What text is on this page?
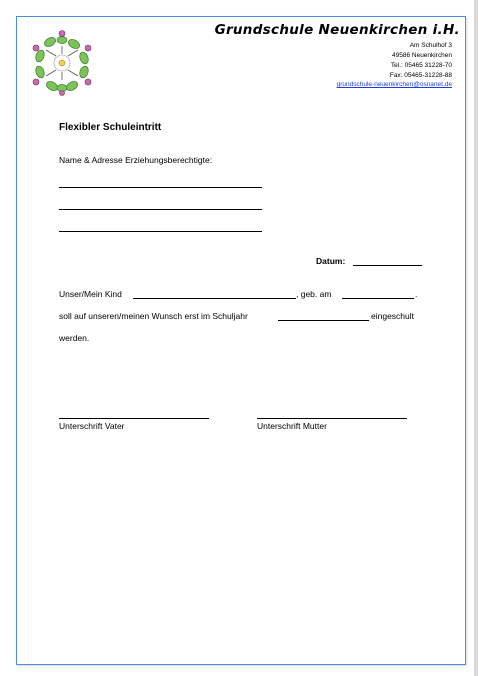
Grundschule Neuenkirchen i.H.
Am Schulhof 3
49586 Neuenkirchen
Tel.: 05465 31228-70
Fax: 05465-31228-88
grundschule-neuenkirchen@osnanet.de
Flexibler Schuleintritt
Name & Adresse Erziehungsberechtigte:
Datum:
Unser/Mein Kind	, geb. am	.
soll auf unseren/meinen Wunsch erst im Schuljahr	eingeschult
werden.
Unterschrift Vater	Unterschrift Mutter
